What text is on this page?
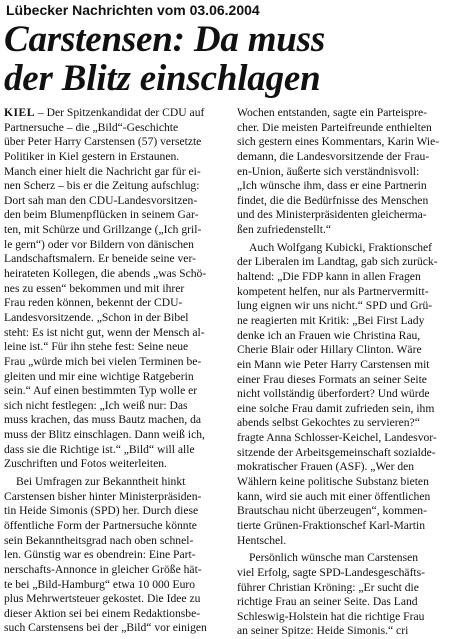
Lübecker Nachrichten vom 03.06.2004
Carstensen: Da muss
der Blitz einschlagen
KIEL – Der Spitzenkandidat der CDU auf
Partnersuche – die „Bild“-Geschichte
über Peter Harry Carstensen (57) versetzte
Politiker in Kiel gestern in Erstaunen.
Manch einer hielt die Nachricht gar für ei-
nen Scherz – bis er die Zeitung aufschlug:
Dort sah man den CDU-Landesvorsitzen-
den beim Blumenpflücken in seinem Gar-
ten, mit Schürze und Grillzange („Ich gril-
le gern“) oder vor Bildern von dänischen
Landschaftsmalern. Er beneide seine ver-
heirateten Kollegen, die abends „was Schö-
nes zu essen“ bekommen und mit ihrer
Frau reden können, bekennt der CDU-
Landesvorsitzende. „Schon in der Bibel
steht: Es ist nicht gut, wenn der Mensch al-
leine ist.“ Für ihn stehe fest: Seine neue
Frau „würde mich bei vielen Terminen be-
gleiten und mir eine wichtige Ratgeberin
sein.“ Auf einen bestimmten Typ wolle er
sich nicht festlegen: „Ich weiß nur: Das
muss krachen, das muss Bautz machen, da
muss der Blitz einschlagen. Dann weiß ich,
dass sie die Richtige ist.“ „Bild“ will alle
Zuschriften und Fotos weiterleiten.
Bei Umfragen zur Bekanntheit hinkt
Carstensen bisher hinter Ministerpräsiden-
tin Heide Simonis (SPD) her. Durch diese
öffentliche Form der Partnersuche könnte
sein Bekanntheitsgrad nach oben schnel-
len. Günstig war es obendrein: Eine Part-
nerschafts-Annonce in gleicher Größe hät-
te bei „Bild-Hamburg“ etwa 10 000 Euro
plus Mehrwertsteuer gekostet. Die Idee zu
dieser Aktion sei bei einem Redaktionsbe-
such Carstensens bei der „Bild“ vor einigen
Wochen entstanden, sagte ein Parteispre-
cher. Die meisten Parteifreunde enthielten
sich gestern eines Kommentars, Karin Wie-
demann, die Landesvorsitzende der Frau-
en-Union, äußerte sich verständnisvoll:
„Ich wünsche ihm, dass er eine Partnerin
findet, die die Bedürfnisse des Menschen
und des Ministerpräsidenten gleicherma-
ßen zufriedenstellt.“
Auch Wolfgang Kubicki, Fraktionschef
der Liberalen im Landtag, gab sich zurück-
haltend: „Die FDP kann in allen Fragen
kompetent helfen, nur als Partnervermitt-
lung eignen wir uns nicht.“ SPD und Grü-
ne reagierten mit Kritik: „Bei First Lady
denke ich an Frauen wie Christina Rau,
Cherie Blair oder Hillary Clinton. Wäre
ein Mann wie Peter Harry Carstensen mit
einer Frau dieses Formats an seiner Seite
nicht vollständig überfordert? Und würde
eine solche Frau damit zufrieden sein, ihm
abends selbst Gekochtes zu servieren?“
fragte Anna Schlosser-Keichel, Landesvor-
sitzende der Arbeitsgemeinschaft sozialde-
mokratischer Frauen (ASF). „Wer den
Wählern keine politische Substanz bieten
kann, wird sie auch mit einer öffentlichen
Brautschau nicht überzeugen“, kommen-
tierte Grünen-Fraktionschef Karl-Martin
Hentschel.
Persönlich wünsche man Carstensen
viel Erfolg, sagte SPD-Landesgeschäfts-
führer Christian Kröning: „Er sucht die
richtige Frau an seiner Seite. Das Land
Schleswig-Holstein hat die richtige Frau
an seiner Spitze: Heide Simonis.“ cri
